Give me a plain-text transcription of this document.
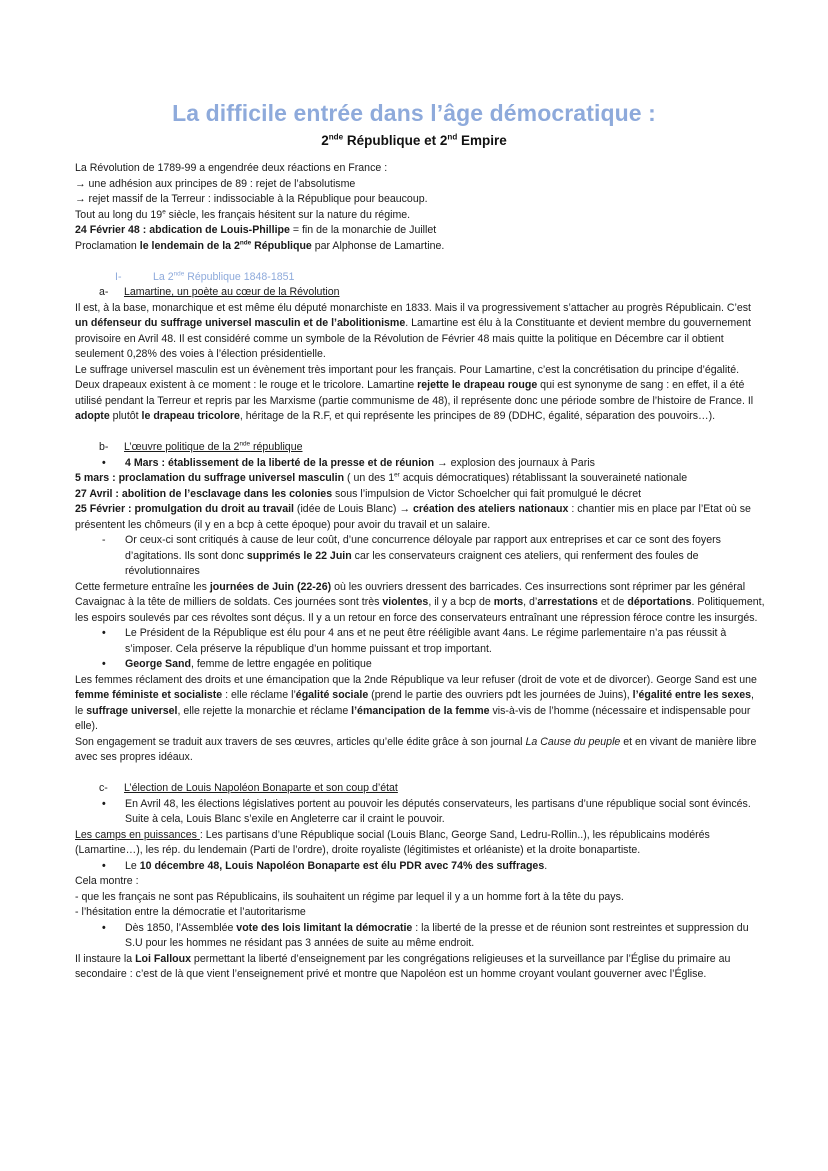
La difficile entrée dans l’âge démocratique :
2nde République et 2nd Empire

La Révolution de 1789-99 a engendrée deux réactions en France :

→ une adhésion aux principes de 89 : rejet de l’absolutisme

→ rejet massif de la Terreur : indissociable à la République pour beaucoup.

Tout au long du 19e siècle, les français hésitent sur la nature du régime.

24 Février 48 : abdication de Louis-Phillipe = fin de la monarchie de Juillet

Proclamation le lendemain de la 2nde République par Alphonse de Lamartine.

I-	La 2nde République 1848-1851

a- Lamartine, un poète au cœur de la Révolution

Il est, à la base, monarchique et est même élu député monarchiste en 1833. Mais il va progressivement s’attacher au progrès Républicain. C’est un défenseur du suffrage universel masculin et de l’abolitionisme. Lamartine est élu à la Constituante et devient membre du gouvernement provisoire en Avril 48. Il est considéré comme un symbole de la Révolution de Février 48 mais quitte la politique en Décembre car il obtient seulement 0,28% des voies à l’élection présidentielle.

Le suffrage universel masculin est un évènement très important pour les français. Pour Lamartine, c’est la concrétisation du principe d’égalité.

Deux drapeaux existent à ce moment : le rouge et le tricolore. Lamartine rejette le drapeau rouge qui est synonyme de sang : en effet, il a été utilisé pendant la Terreur et repris par les Marxisme (partie communisme de 48), il représente donc une période sombre de l’histoire de France. Il adopte plutôt le drapeau tricolore, héritage de la R.F, et qui représente les principes de 89 (DDHC, égalité, séparation des pouvoirs…).

b- L’œuvre politique de la 2nde république

• 4 Mars : établissement de la liberté de la presse et de réunion → explosion des journaux à Paris

5 mars : proclamation du suffrage universel masculin ( un des 1er acquis démocratiques) rétablissant la souveraineté nationale

27 Avril : abolition de l’esclavage dans les colonies sous l’impulsion de Victor Schoelcher qui fait promulgué le décret

25 Février : promulgation du droit au travail (idée de Louis Blanc) → création des ateliers nationaux : chantier mis en place par l’Etat où se présentent les chômeurs (il y en a bcp à cette époque) pour avoir du travail et un salaire.

- Or ceux-ci sont critiqués à cause de leur coût, d’une concurrence déloyale par rapport aux entreprises et car ce sont des foyers d’agitations. Ils sont donc supprimés le 22 Juin car les conservateurs craignent ces ateliers, qui renferment des foules de révolutionnaires

Cette fermeture entraîne les journées de Juin (22-26) où les ouvriers dressent des barricades. Ces insurrections sont réprimer par les général Cavaignac à la tête de milliers de soldats. Ces journées sont très violentes, il y a bcp de morts, d’arrestations et de déportations. Politiquement, les espoirs soulevés par ces révoltes sont déçus. Il y a un retour en force des conservateurs entraînant une répression féroce contre les insurgés.

• Le Président de la République est élu pour 4 ans et ne peut être rééligible avant 4ans. Le régime parlementaire n’a pas réussit à s’imposer. Cela préserve la république d’un homme puissant et trop important.

• George Sand, femme de lettre engagée en politique

Les femmes réclament des droits et une émancipation que la 2nde République va leur refuser (droit de vote et de divorcer). George Sand est une femme féministe et socialiste : elle réclame l’égalité sociale (prend le partie des ouvriers pdt les journées de Juins), l’égalité entre les sexes, le suffrage universel, elle rejette la monarchie et réclame l’émancipation de la femme vis-à-vis de l’homme (nécessaire et indispensable pour elle).

Son engagement se traduit aux travers de ses œuvres, articles qu’elle édite grâce à son journal La Cause du peuple et en vivant de manière libre avec ses propres idéaux.

c- L’élection de Louis Napoléon Bonaparte et son coup d’état

• En Avril 48, les élections législatives portent au pouvoir les députés conservateurs, les partisans d’une république social sont évincés. Suite à cela, Louis Blanc s’exile en Angleterre car il craint le pouvoir.

Les camps en puissances : Les partisans d’une République social (Louis Blanc, George Sand, Ledru-Rollin..), les républicains modérés (Lamartine…), les rép. du lendemain (Parti de l’ordre), droite royaliste (légitimistes et orléaniste) et la droite bonapartiste.

• Le 10 décembre 48, Louis Napoléon Bonaparte est élu PDR avec 74% des suffrages.

Cela montre :

- que les français ne sont pas Républicains, ils souhaitent un régime par lequel il y a un homme fort à la tête du pays.

- l’hésitation entre la démocratie et l’autoritarisme

• Dès 1850, l’Assemblée vote des lois limitant la démocratie : la liberté de la presse et de réunion sont restreintes et suppression du S.U pour les hommes ne résidant pas 3 années de suite au même endroit.

Il instaure la Loi Falloux permettant la liberté d’enseignement par les congrégations religieuses et la surveillance par l’Église du primaire au secondaire : c’est de là que vient l’enseignement privé et montre que Napoléon est un homme croyant voulant gouverner avec l’Église.
